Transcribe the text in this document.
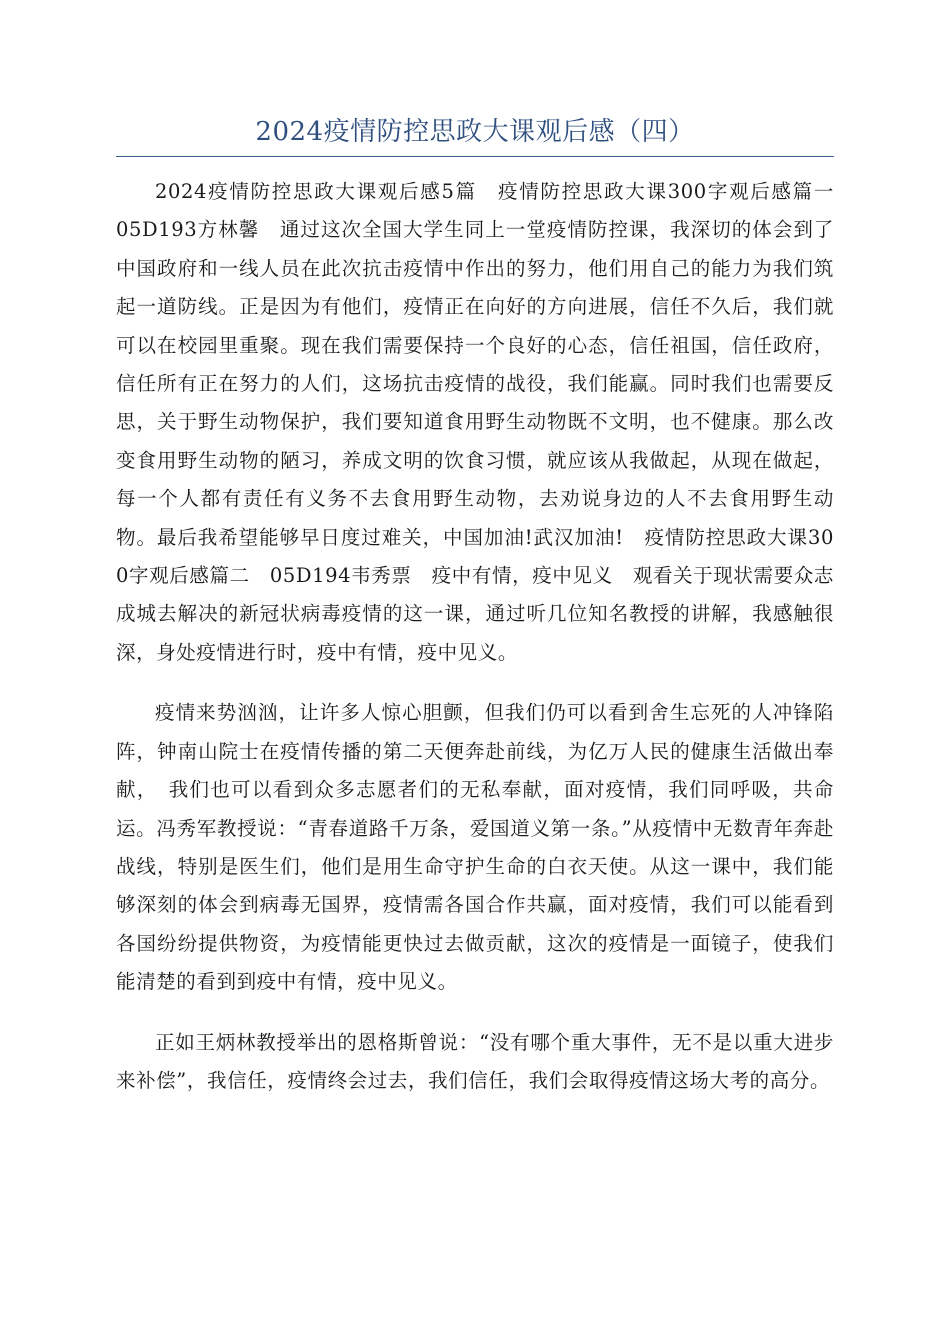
2024疫情防控思政大课观后感（四）

2024疫情防控思政大课观后感5篇　疫情防控思政大课300字观后感篇一　05D193方林馨　通过这次全国大学生同上一堂疫情防控课，我深切的体会到了中国政府和一线人员在此次抗击疫情中作出的努力，他们用自己的能力为我们筑起一道防线。正是因为有他们，疫情正在向好的方向进展，信任不久后，我们就可以在校园里重聚。现在我们需要保持一个良好的心态，信任祖国，信任政府，信任所有正在努力的人们，这场抗击疫情的战役，我们能赢。同时我们也需要反思，关于野生动物保护，我们要知道食用野生动物既不文明，也不健康。那么改变食用野生动物的陋习，养成文明的饮食习惯，就应该从我做起，从现在做起，每一个人都有责任有义务不去食用野生动物，去劝说身边的人不去食用野生动物。最后我希望能够早日度过难关，中国加油!武汉加油!　疫情防控思政大课300字观后感篇二　05D194韦秀票　疫中有情，疫中见义　观看关于现状需要众志成城去解决的新冠状病毒疫情的这一课，通过听几位知名教授的讲解，我感触很深，身处疫情进行时，疫中有情，疫中见义。

疫情来势汹汹，让许多人惊心胆颤，但我们仍可以看到舍生忘死的人冲锋陷阵，钟南山院士在疫情传播的第二天便奔赴前线，为亿万人民的健康生活做出奉献，　我们也可以看到众多志愿者们的无私奉献，面对疫情，我们同呼吸，共命运。冯秀军教授说：“青春道路千万条，爱国道义第一条。”从疫情中无数青年奔赴战线，特别是医生们，他们是用生命守护生命的白衣天使。从这一课中，我们能够深刻的体会到病毒无国界，疫情需各国合作共赢，面对疫情，我们可以能看到各国纷纷提供物资，为疫情能更快过去做贡献，这次的疫情是一面镜子，使我们能清楚的看到到疫中有情，疫中见义。

正如王炳林教授举出的恩格斯曾说：“没有哪个重大事件，无不是以重大进步来补偿”，我信任，疫情终会过去，我们信任，我们会取得疫情这场大考的高分。
